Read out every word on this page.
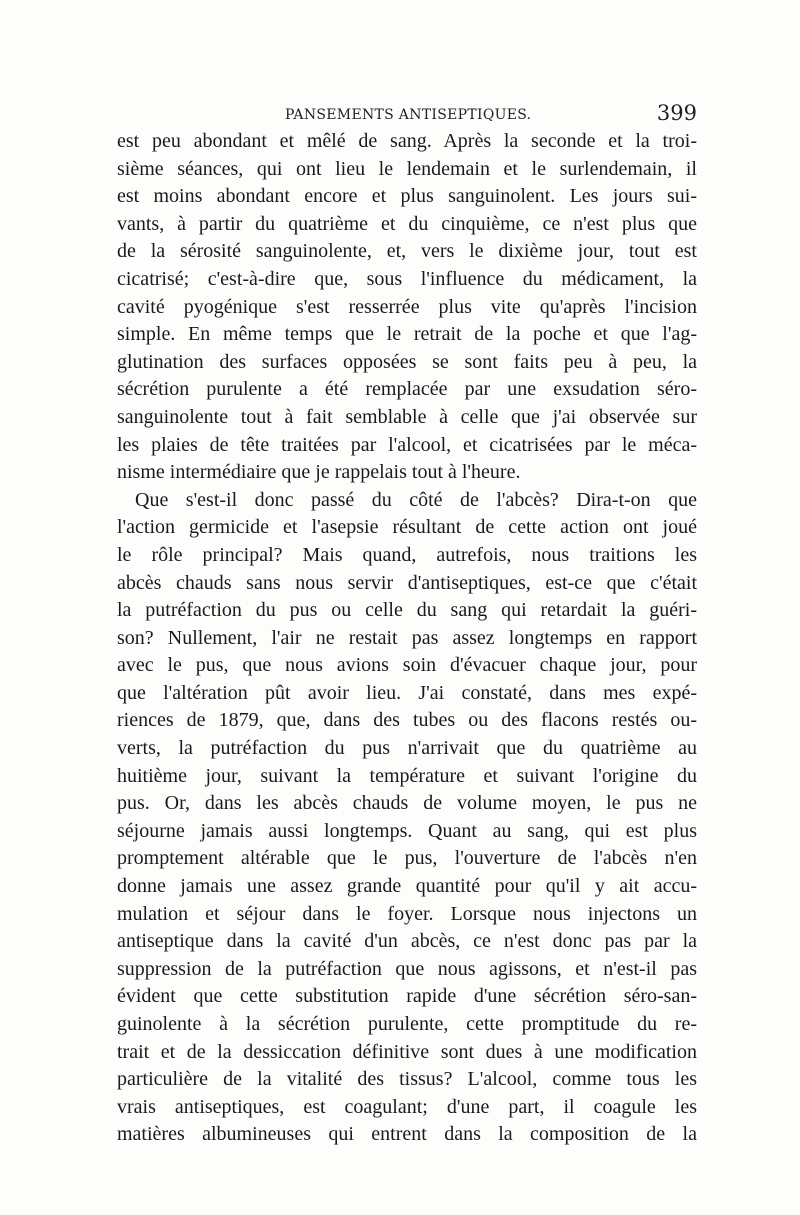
PANSEMENTS ANTISEPTIQUES.	399
est peu abondant et mêlé de sang. Après la seconde et la troi-
sième séances, qui ont lieu le lendemain et le surlendemain, il
est moins abondant encore et plus sanguinolent. Les jours sui-
vants, à partir du quatrième et du cinquième, ce n'est plus que
de la sérosité sanguinolente, et, vers le dixième jour, tout est
cicatrisé; c'est-à-dire que, sous l'influence du médicament, la
cavité pyogénique s'est resserrée plus vite qu'après l'incision
simple. En même temps que le retrait de la poche et que l'ag-
glutination des surfaces opposées se sont faits peu à peu, la
sécrétion purulente a été remplacée par une exsudation séro-
sanguinolente tout à fait semblable à celle que j'ai observée sur
les plaies de tête traitées par l'alcool, et cicatrisées par le méca-
nisme intermédiaire que je rappelais tout à l'heure.
Que s'est-il donc passé du côté de l'abcès? Dira-t-on que
l'action germicide et l'asepsie résultant de cette action ont joué
le rôle principal? Mais quand, autrefois, nous traitions les
abcès chauds sans nous servir d'antiseptiques, est-ce que c'était
la putréfaction du pus ou celle du sang qui retardait la guéri-
son? Nullement, l'air ne restait pas assez longtemps en rapport
avec le pus, que nous avions soin d'évacuer chaque jour, pour
que l'altération pût avoir lieu. J'ai constaté, dans mes expé-
riences de 1879, que, dans des tubes ou des flacons restés ou-
verts, la putréfaction du pus n'arrivait que du quatrième au
huitième jour, suivant la température et suivant l'origine du
pus. Or, dans les abcès chauds de volume moyen, le pus ne
séjourne jamais aussi longtemps. Quant au sang, qui est plus
promptement altérable que le pus, l'ouverture de l'abcès n'en
donne jamais une assez grande quantité pour qu'il y ait accu-
mulation et séjour dans le foyer. Lorsque nous injectons un
antiseptique dans la cavité d'un abcès, ce n'est donc pas par la
suppression de la putréfaction que nous agissons, et n'est-il pas
évident que cette substitution rapide d'une sécrétion séro-san-
guinolente à la sécrétion purulente, cette promptitude du re-
trait et de la dessiccation définitive sont dues à une modification
particulière de la vitalité des tissus? L'alcool, comme tous les
vrais antiseptiques, est coagulant; d'une part, il coagule les
matières albumineuses qui entrent dans la composition de la
